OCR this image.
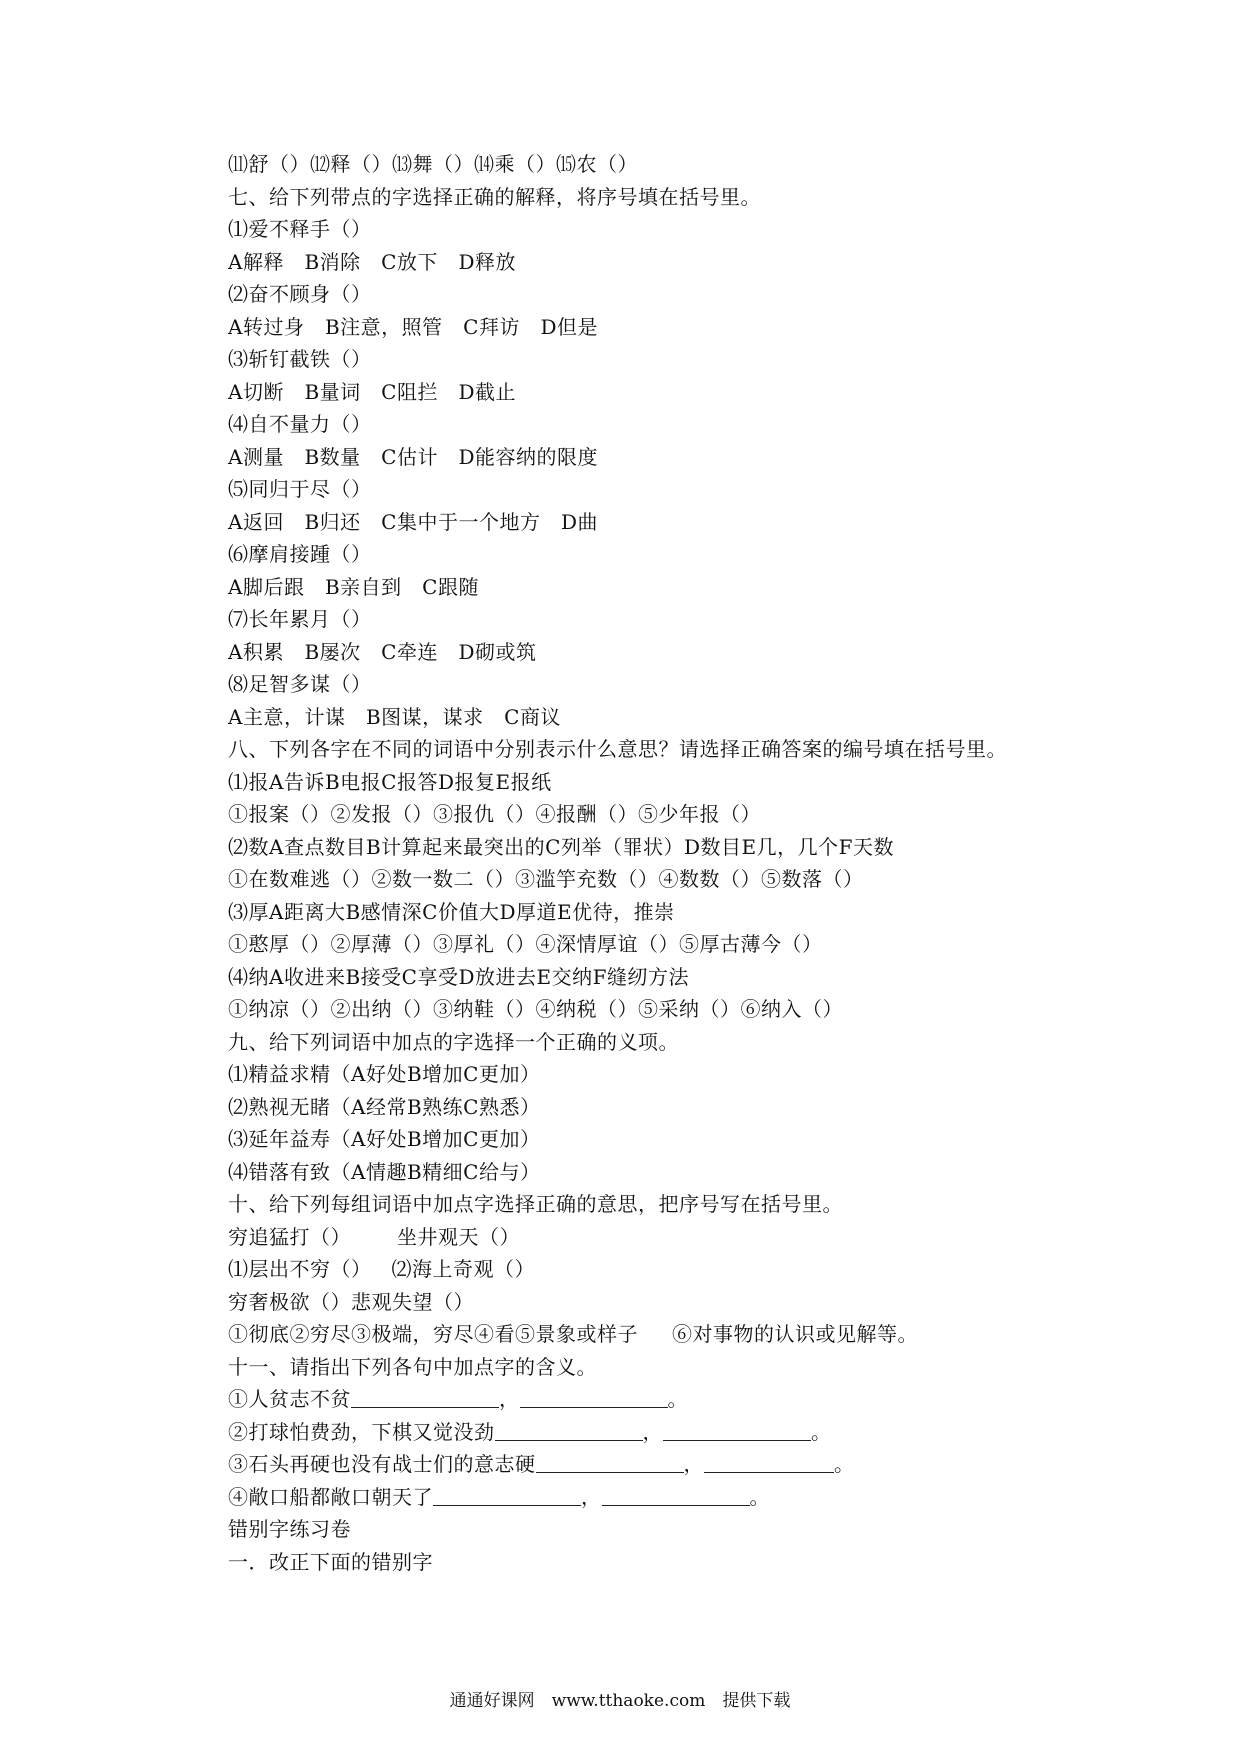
⑾舒（）⑿释（）⒀舞（）⒁乘（）⒂农（）
七、给下列带点的字选择正确的解释，将序号填在括号里。
⑴爱不释手（）
A解释　B消除　C放下　D释放
⑵奋不顾身（）
A转过身　B注意，照管　C拜访　D但是
⑶斩钉截铁（）
A切断　B量词　C阻拦　D截止
⑷自不量力（）
A测量　B数量　C估计　D能容纳的限度
⑸同归于尽（）
A返回　B归还　C集中于一个地方　D曲
⑹摩肩接踵（）
A脚后跟　B亲自到　C跟随
⑺长年累月（）
A积累　B屡次　C牵连　D砌或筑
⑻足智多谋（）
A主意，计谋　B图谋，谋求　C商议
八、下列各字在不同的词语中分别表示什么意思？请选择正确答案的编号填在括号里。
⑴报A告诉B电报C报答D报复E报纸
①报案（）②发报（）③报仇（）④报酬（）⑤少年报（）
⑵数A查点数目B计算起来最突出的C列举（罪状）D数目E几，几个F天数
①在数难逃（）②数一数二（）③滥竽充数（）④数数（）⑤数落（）
⑶厚A距离大B感情深C价值大D厚道E优待，推崇
①憨厚（）②厚薄（）③厚礼（）④深情厚谊（）⑤厚古薄今（）
⑷纳A收进来B接受C享受D放进去E交纳F缝纫方法
①纳凉（）②出纳（）③纳鞋（）④纳税（）⑤采纳（）⑥纳入（）
九、给下列词语中加点的字选择一个正确的义项。
⑴精益求精（A好处B增加C更加）
⑵熟视无睹（A经常B熟练C熟悉）
⑶延年益寿（A好处B增加C更加）
⑷错落有致（A情趣B精细C给与）
十、给下列每组词语中加点字选择正确的意思，把序号写在括号里。
穷追猛打（） 坐井观天（）
⑴层出不穷（） ⑵海上奇观（）
穷奢极欲（）悲观失望（）
①彻底②穷尽③极端，穷尽④看⑤景象或样子 ⑥对事物的认识或见解等。
十一、请指出下列各句中加点字的含义。
①人贫志不贫	，	。
②打球怕费劲，下棋又觉没劲	，	。
③石头再硬也没有战士们的意志硬	，	。
④敞口船都敞口朝天了	，	。
错别字练习卷
一．改正下面的错别字
通通好课网　www.tthaoke.com　提供下载
